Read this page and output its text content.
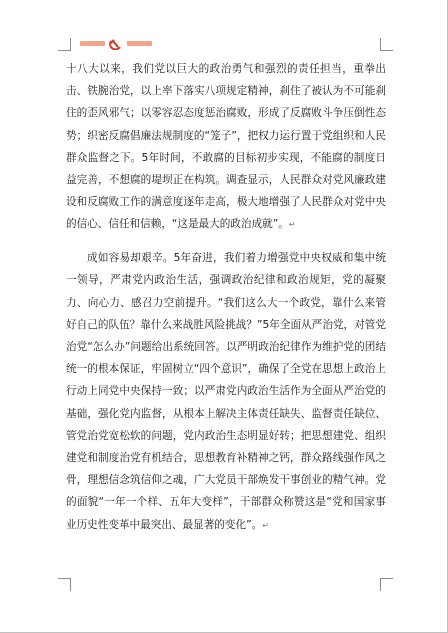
十八大以来，我们党以巨大的政治勇气和强烈的责任担当，重拳出击、铁腕治党，以上率下落实八项规定精神，刹住了被认为不可能刹住的歪风邪气；以零容忍态度惩治腐败，形成了反腐败斗争压倒性态势；织密反腐倡廉法规制度的“笼子”，把权力运行置于党组织和人民群众监督之下。5年时间，不敢腐的目标初步实现，不能腐的制度日益完善，不想腐的堤坝正在构筑。调查显示，人民群众对党风廉政建设和反腐败工作的满意度逐年走高，极大地增强了人民群众对党中央的信心、信任和信赖，“这是最大的政治成就”。↵

成如容易却艰辛。5年奋进，我们着力增强党中央权威和集中统一领导，严肃党内政治生活，强调政治纪律和政治规矩，党的凝聚力、向心力、感召力空前提升。“我们这么大一个政党，靠什么来管好自己的队伍？靠什么来战胜风险挑战？”5年全面从严治党，对管党治党“怎么办”问题给出系统回答。以严明政治纪律作为维护党的团结统一的根本保证，牢固树立“四个意识”，确保了全党在思想上政治上行动上同党中央保持一致；以严肃党内政治生活作为全面从严治党的基础，强化党内监督，从根本上解决主体责任缺失、监督责任缺位、管党治党宽松软的问题，党内政治生态明显好转；把思想建党、组织建党和制度治党有机结合，思想教育补精神之钙，群众路线强作风之骨，理想信念筑信仰之魂，广大党员干部焕发干事创业的精气神。党的面貌“一年一个样、五年大变样”，干部群众称赞这是“党和国家事业历史性变革中最突出、最显著的变化”。↵
